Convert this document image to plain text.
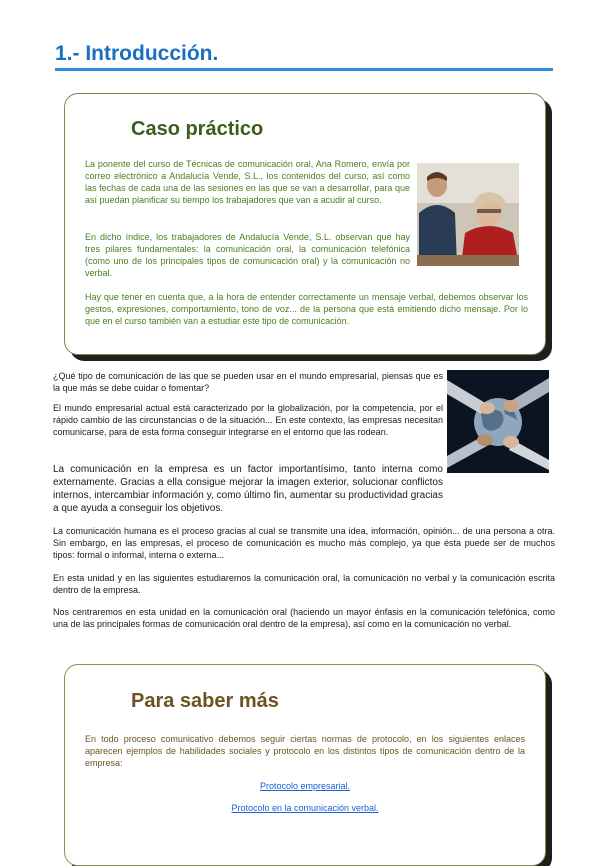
1.- Introducción.
Caso práctico

La ponente del curso de Técnicas de comunicación oral, Ana Romero, envía por correo electrónico a Andalucía Vende, S.L., los contenidos del curso, así como las fechas de cada una de las sesiones en las que se van a desarrollar, para que así puedan planificar su tiempo los trabajadores que van a acudir al curso.

En dicho índice, los trabajadores de Andalucía Vende, S.L. observan que hay tres pilares fundamentales: la comunicación oral, la comunicación telefónica (como uno de los principales tipos de comunicación oral) y la comunicación no verbal.

Hay que tener en cuenta que, a la hora de entender correctamente un mensaje verbal, debemos observar los gestos, expresiones, comportamiento, tono de voz... de la persona que está emitiendo dicho mensaje. Por lo que en el curso también van a estudiar este tipo de comunicación.

¿Qué tipo de comunicación de las que se pueden usar en el mundo empresarial, piensas que es la que más se debe cuidar o fomentar?

El mundo empresarial actual está caracterizado por la globalización, por la competencia, por el rápido cambio de las circunstancias o de la situación... En este contexto, las empresas necesitan comunicarse, para de esta forma conseguir integrarse en el entorno que las rodean.

La comunicación en la empresa es un factor importantísimo, tanto interna como externamente. Gracias a ella consigue mejorar la imagen exterior, solucionar conflictos internos, intercambiar información y, como último fin, aumentar su productividad gracias a que ayuda a conseguir los objetivos.

La comunicación humana es el proceso gracias al cual se transmite una idea, información, opinión... de una persona a otra. Sin embargo, en las empresas, el proceso de comunicación es mucho más complejo, ya que ésta puede ser de muchos tipos: formal o informal, interna o externa...

En esta unidad y en las siguientes estudiaremos la comunicación oral, la comunicación no verbal y la comunicación escrita dentro de la empresa.

Nos centraremos en esta unidad en la comunicación oral (haciendo un mayor énfasis en la comunicación telefónica, como una de las principales formas de comunicación oral dentro de la empresa), así como en la comunicación no verbal.

Para saber más

En todo proceso comunicativo debemos seguir ciertas normas de protocolo, en los siguientes enlaces aparecen ejemplos de habilidades sociales y protocolo en los distintos tipos de comunicación dentro de la empresa:

Protocolo empresarial.
Protocolo en la comunicación verbal.
